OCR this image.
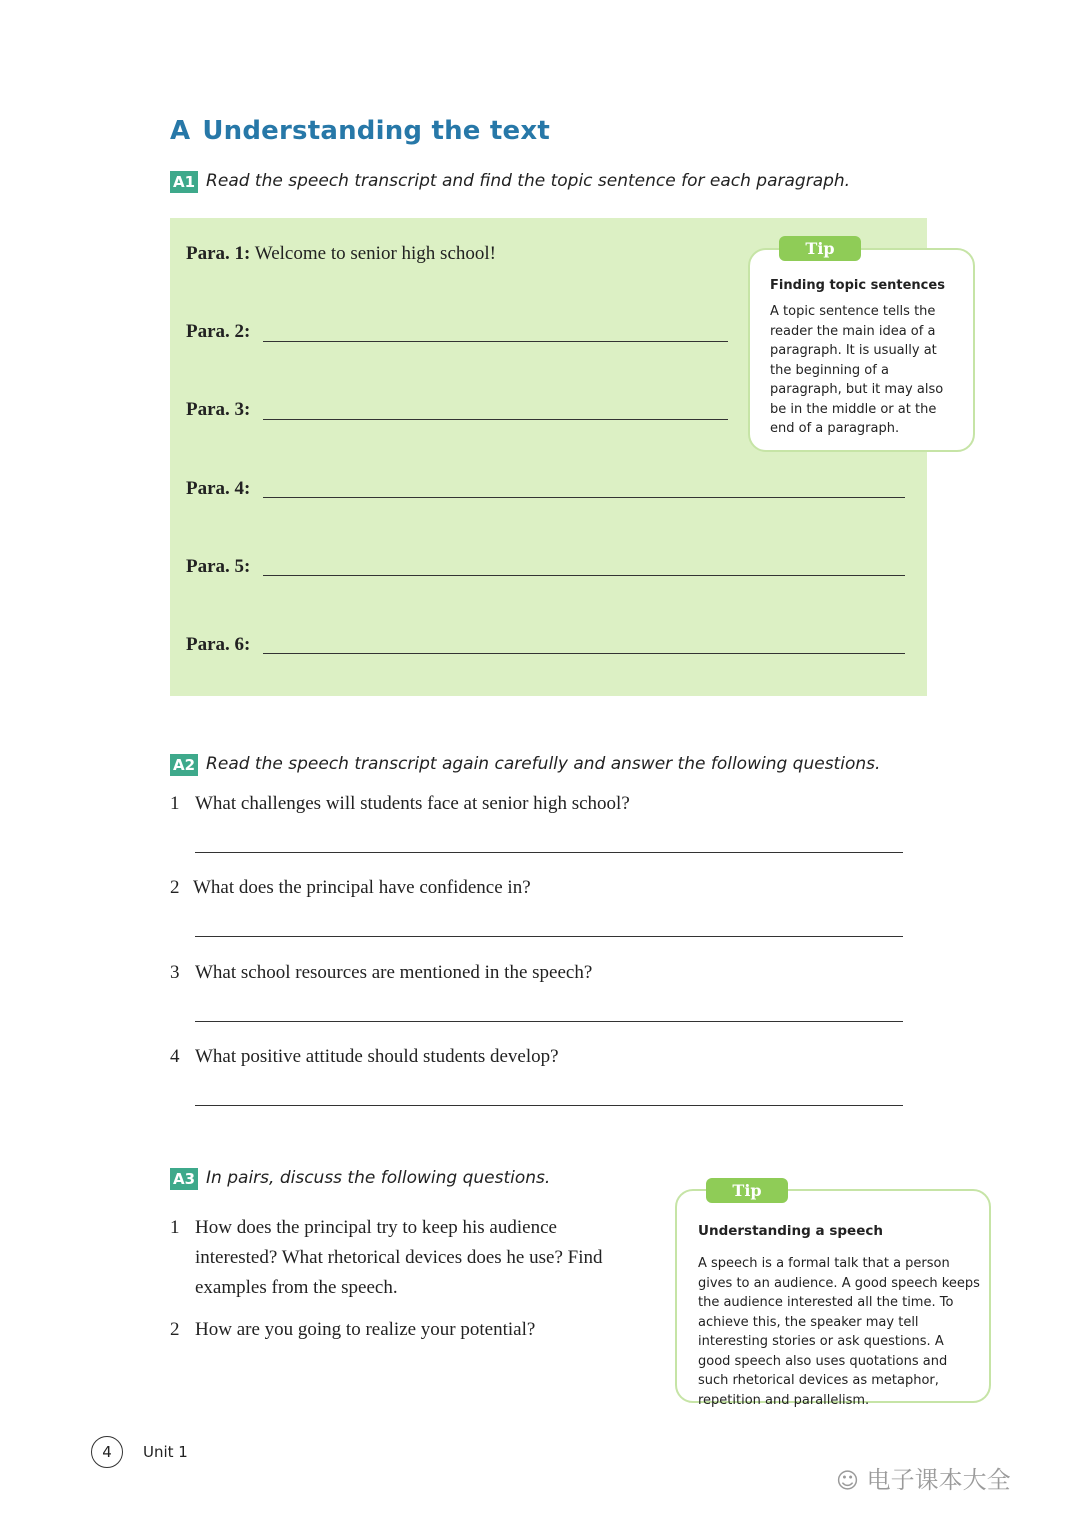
A Understanding the text
A1 Read the speech transcript and find the topic sentence for each paragraph.
Para. 1: Welcome to senior high school!
Para. 2:
Para. 3:
Para. 4:
Para. 5:
Para. 6:
Finding topic sentences
A topic sentence tells the reader the main idea of a paragraph. It is usually at the beginning of a paragraph, but it may also be in the middle or at the end of a paragraph.
Tip
A2 Read the speech transcript again carefully and answer the following questions.
1 What challenges will students face at senior high school?
2 What does the principal have confidence in?
3 What school resources are mentioned in the speech?
4 What positive attitude should students develop?
A3 In pairs, discuss the following questions.
1 How does the principal try to keep his audience interested? What rhetorical devices does he use? Find examples from the speech.
2 How are you going to realize your potential?
Understanding a speech
A speech is a formal talk that a person gives to an audience. A good speech keeps the audience interested all the time. To achieve this, the speaker may tell interesting stories or ask questions. A good speech also uses quotations and such rhetorical devices as metaphor, repetition and parallelism.
Tip
4	Unit 1
☺ 电子课本大全
